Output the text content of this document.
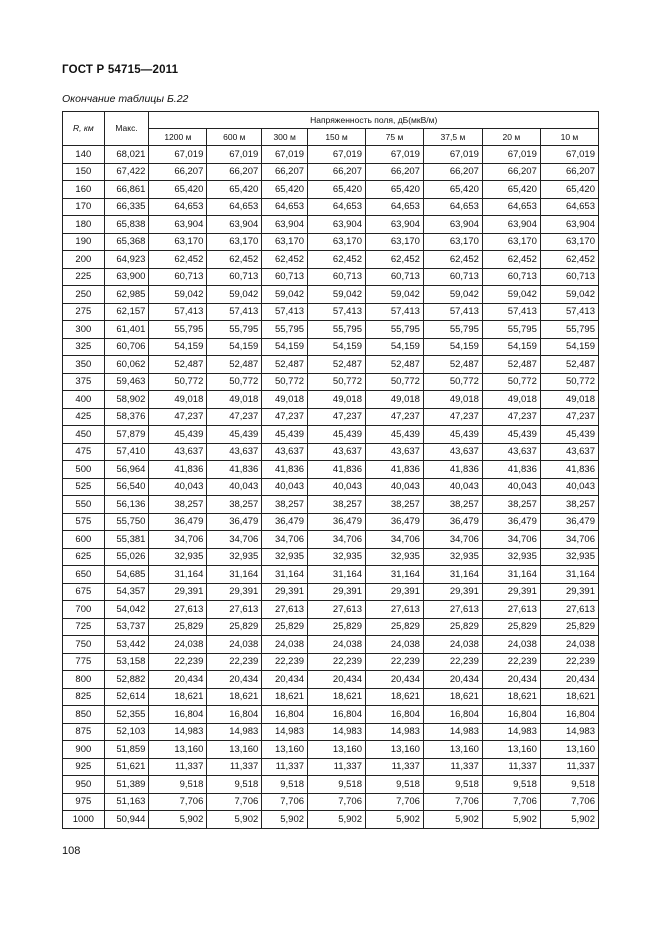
ГОСТ Р 54715—2011
Окончание таблицы Б.22
R, км	Макс.	Напряженность поля, дБ(мкВ/м)							
		1200 м	600 м	300 м	150 м	75 м	37,5 м	20 м	10 м
140	68,021	67,019	67,019	67,019	67,019	67,019	67,019	67,019	67,019
150	67,422	66,207	66,207	66,207	66,207	66,207	66,207	66,207	66,207
160	66,861	65,420	65,420	65,420	65,420	65,420	65,420	65,420	65,420
170	66,335	64,653	64,653	64,653	64,653	64,653	64,653	64,653	64,653
180	65,838	63,904	63,904	63,904	63,904	63,904	63,904	63,904	63,904
190	65,368	63,170	63,170	63,170	63,170	63,170	63,170	63,170	63,170
200	64,923	62,452	62,452	62,452	62,452	62,452	62,452	62,452	62,452
225	63,900	60,713	60,713	60,713	60,713	60,713	60,713	60,713	60,713
250	62,985	59,042	59,042	59,042	59,042	59,042	59,042	59,042	59,042
275	62,157	57,413	57,413	57,413	57,413	57,413	57,413	57,413	57,413
300	61,401	55,795	55,795	55,795	55,795	55,795	55,795	55,795	55,795
325	60,706	54,159	54,159	54,159	54,159	54,159	54,159	54,159	54,159
350	60,062	52,487	52,487	52,487	52,487	52,487	52,487	52,487	52,487
375	59,463	50,772	50,772	50,772	50,772	50,772	50,772	50,772	50,772
400	58,902	49,018	49,018	49,018	49,018	49,018	49,018	49,018	49,018
425	58,376	47,237	47,237	47,237	47,237	47,237	47,237	47,237	47,237
450	57,879	45,439	45,439	45,439	45,439	45,439	45,439	45,439	45,439
475	57,410	43,637	43,637	43,637	43,637	43,637	43,637	43,637	43,637
500	56,964	41,836	41,836	41,836	41,836	41,836	41,836	41,836	41,836
525	56,540	40,043	40,043	40,043	40,043	40,043	40,043	40,043	40,043
550	56,136	38,257	38,257	38,257	38,257	38,257	38,257	38,257	38,257
575	55,750	36,479	36,479	36,479	36,479	36,479	36,479	36,479	36,479
600	55,381	34,706	34,706	34,706	34,706	34,706	34,706	34,706	34,706
625	55,026	32,935	32,935	32,935	32,935	32,935	32,935	32,935	32,935
650	54,685	31,164	31,164	31,164	31,164	31,164	31,164	31,164	31,164
675	54,357	29,391	29,391	29,391	29,391	29,391	29,391	29,391	29,391
700	54,042	27,613	27,613	27,613	27,613	27,613	27,613	27,613	27,613
725	53,737	25,829	25,829	25,829	25,829	25,829	25,829	25,829	25,829
750	53,442	24,038	24,038	24,038	24,038	24,038	24,038	24,038	24,038
775	53,158	22,239	22,239	22,239	22,239	22,239	22,239	22,239	22,239
800	52,882	20,434	20,434	20,434	20,434	20,434	20,434	20,434	20,434
825	52,614	18,621	18,621	18,621	18,621	18,621	18,621	18,621	18,621
850	52,355	16,804	16,804	16,804	16,804	16,804	16,804	16,804	16,804
875	52,103	14,983	14,983	14,983	14,983	14,983	14,983	14,983	14,983
900	51,859	13,160	13,160	13,160	13,160	13,160	13,160	13,160	13,160
925	51,621	11,337	11,337	11,337	11,337	11,337	11,337	11,337	11,337
950	51,389	9,518	9,518	9,518	9,518	9,518	9,518	9,518	9,518
975	51,163	7,706	7,706	7,706	7,706	7,706	7,706	7,706	7,706
1000	50,944	5,902	5,902	5,902	5,902	5,902	5,902	5,902	5,902
108
